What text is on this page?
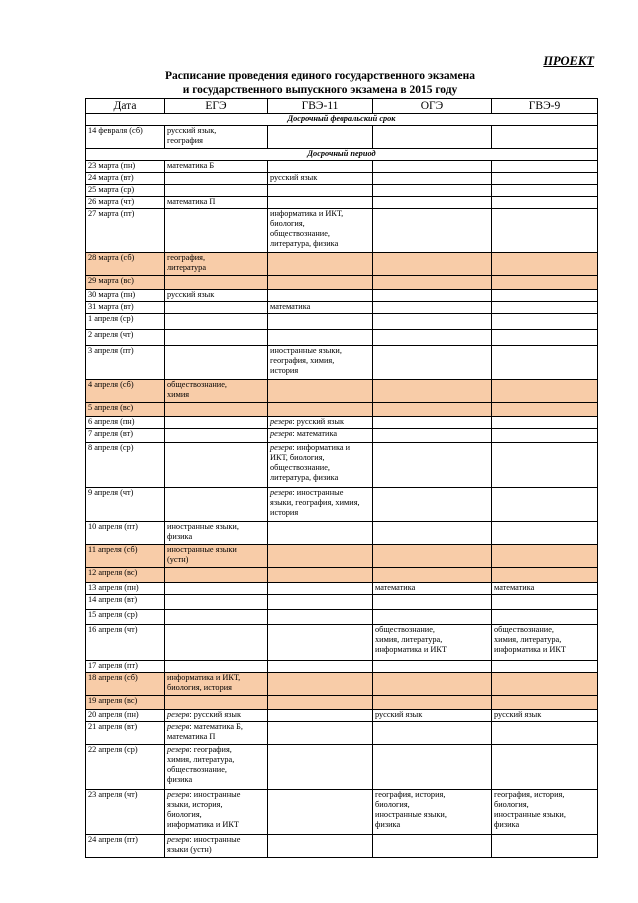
ПРОЕКТ
Расписание проведения единого государственного экзамена
и государственного выпускного экзамена в 2015 году
Дата	ЕГЭ	ГВЭ-11	ОГЭ	ГВЭ-9
Досрочный февральский срок				
14 февраля (сб)	русский язык,
география			
Досрочный период				
23 марта (пн)	математика Б			
24 марта (вт)		русский язык		
25 марта (ср)				
26 марта (чт)	математика П			
27 марта (пт)		информатика и ИКТ,
биология,
обществознание,
литература, физика		
28 марта (сб)	география,
литература			
29 марта (вс)				
30 марта (пн)	русский язык			
31 марта (вт)		математика		
1 апреля (ср)				
2 апреля (чт)				
3 апреля (пт)		иностранные языки,
география, химия,
история		
4 апреля (сб)	обществознание,
химия			
5 апреля (вс)				
6 апреля (пн)		резерв: русский язык		
7 апреля (вт)		резерв: математика		
8 апреля (ср)		резерв: информатика и
ИКТ, биология,
обществознание,
литература, физика		
9 апреля (чт)		резерв: иностранные
языки, география, химия,
история		
10 апреля (пт)	иностранные языки,
физика			
11 апреля (сб)	иностранные языки
(устн)			
12 апреля (вс)				
13 апреля (пн)			математика	математика
14 апреля (вт)				
15 апреля (ср)				
16 апреля (чт)			обществознание,
химия, литература,
информатика и ИКТ	обществознание,
химия, литература,
информатика и ИКТ
17 апреля (пт)				
18 апреля (сб)	информатика и ИКТ,
биология, история			
19 апреля (вс)				
20 апреля (пн)	резерв: русский язык		русский язык	русский язык
21 апреля (вт)	резерв: математика Б,
математика П			
22 апреля (ср)	резерв: география,
химия, литература,
обществознание,
физика			
23 апреля (чт)	резерв: иностранные
языки, история,
биология,
информатика и ИКТ		география, история,
биология,
иностранные языки,
физика	география, история,
биология,
иностранные языки,
физика
24 апреля (пт)	резерв: иностранные
языки (устн)			
